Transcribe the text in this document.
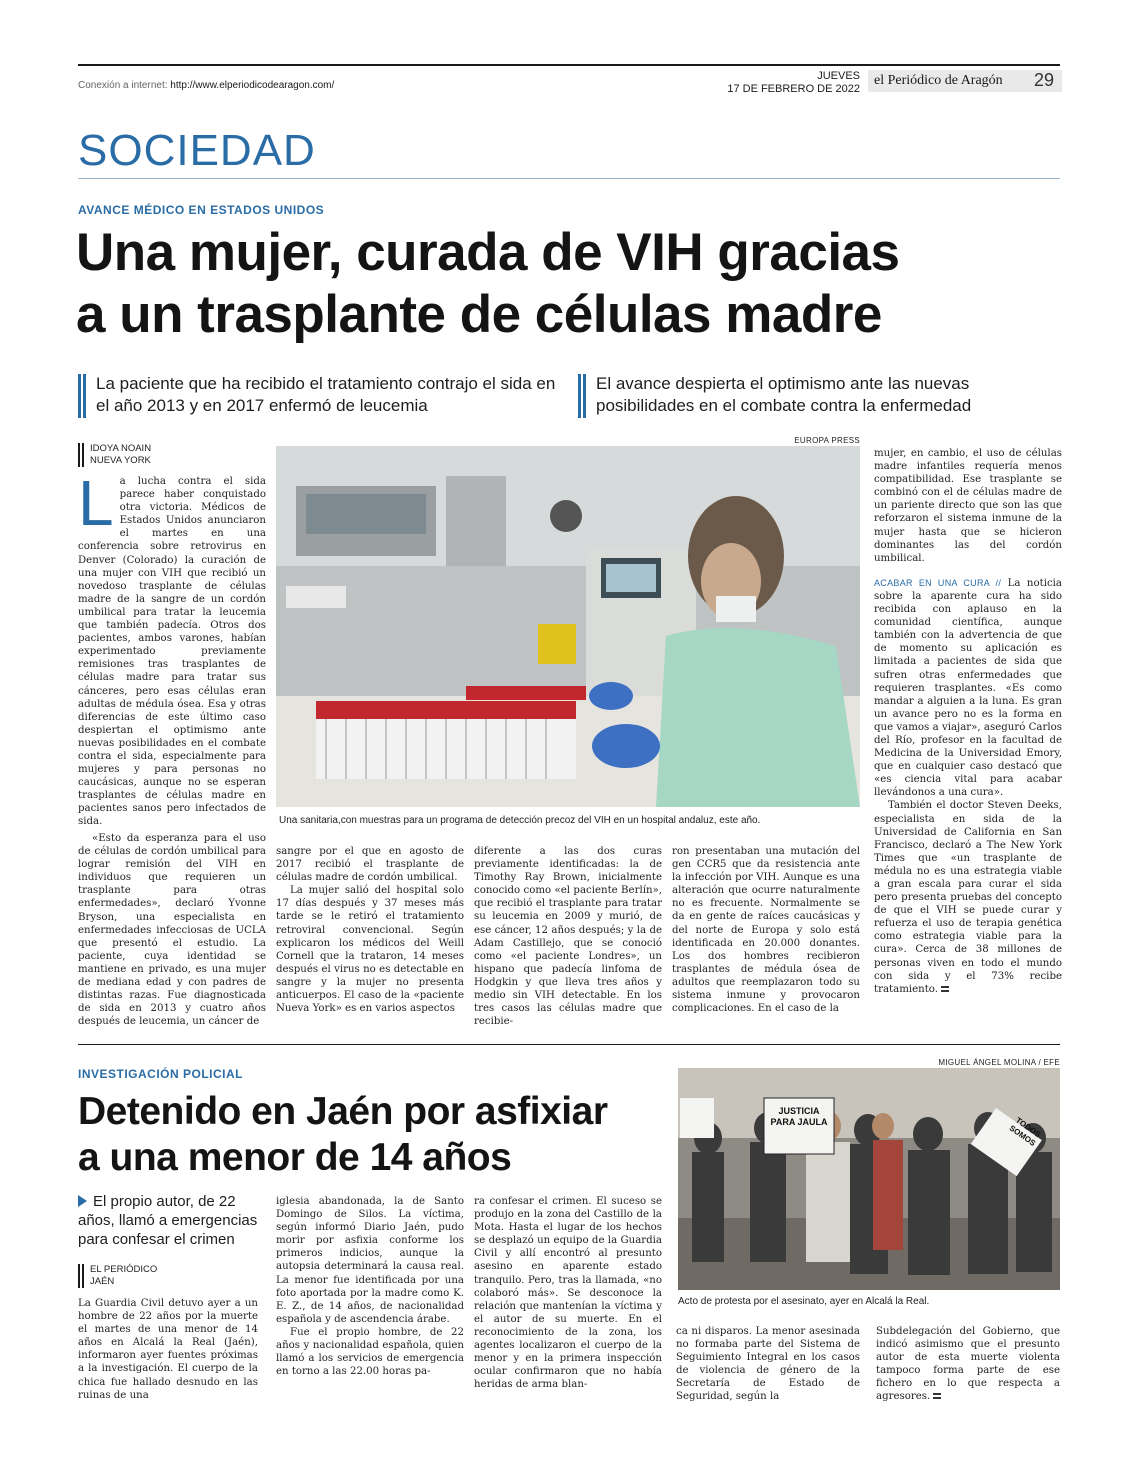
Conexión a internet: http://www.elperiodicodearagon.com/
JUEVES
17 DE FEBRERO DE 2022
el Periódico de Aragón 29
SOCIEDAD
AVANCE MÉDICO EN ESTADOS UNIDOS
Una mujer, curada de VIH gracias
a un trasplante de células madre
La paciente que ha recibido el tratamiento contrajo el sida en el año 2013 y en 2017 enfermó de leucemia
El avance despierta el optimismo ante las nuevas posibilidades en el combate contra la enfermedad
IDOYA NOAIN
NUEVA YORK
L a lucha contra el sida parece haber conquistado otra victoria. Médicos de Estados Unidos anunciaron el martes en una conferencia sobre retrovirus en Denver (Colorado) la curación de una mujer con VIH que recibió un novedoso trasplante de células madre de la sangre de un cordón umbilical para tratar la leucemia que también padecía. Otros dos pacientes, ambos varones, habían experimentado previamente remisiones tras trasplantes de células madre para tratar sus cánceres, pero esas células eran adultas de médula ósea. Esa y otras diferencias de este último caso despiertan el optimismo ante nuevas posibilidades en el combate contra el sida, especialmente para mujeres y para personas no caucásicas, aunque no se esperan trasplantes de células madre en pacientes sanos pero infectados de sida.

«Esto da esperanza para el uso de células de cordón umbilical para lograr remisión del VIH en individuos que requieren un trasplante para otras enfermedades», declaró Yvonne Bryson, una especialista en enfermedades infecciosas de UCLA que presentó el estudio. La paciente, cuya identidad se mantiene en privado, es una mujer de mediana edad y con padres de distintas razas. Fue diagnosticada de sida en 2013 y cuatro años después de leucemia, un cáncer de

EUROPA PRESS
Una sanitaria,con muestras para un programa de detección precoz del VIH en un hospital andaluz, este año.

sangre por el que en agosto de 2017 recibió el trasplante de células madre de cordón umbilical.

La mujer salió del hospital solo 17 días después y 37 meses más tarde se le retiró el tratamiento retroviral convencional. Según explicaron los médicos del Weill Cornell que la trataron, 14 meses después el virus no es detectable en sangre y la mujer no presenta anticuerpos. El caso de la «paciente Nueva York» es en varios aspectos

diferente a las dos curas previamente identificadas: la de Timothy Ray Brown, inicialmente conocido como «el paciente Berlín», que recibió el trasplante para tratar su leucemia en 2009 y murió, de ese cáncer, 12 años después; y la de Adam Castillejo, que se conoció como «el paciente Londres», un hispano que padecía linfoma de Hodgkin y que lleva tres años y medio sin VIH detectable. En los tres casos las células madre que recibie-

ron presentaban una mutación del gen CCR5 que da resistencia ante la infección por VIH. Aunque es una alteración que ocurre naturalmente no es frecuente. Normalmente se da en gente de raíces caucásicas y del norte de Europa y solo está identificada en 20.000 donantes. Los dos hombres recibieron trasplantes de médula ósea de adultos que reemplazaron todo su sistema inmune y provocaron complicaciones. En el caso de la

mujer, en cambio, el uso de células madre infantiles requería menos compatibilidad. Ese trasplante se combinó con el de células madre de un pariente directo que son las que reforzaron el sistema inmune de la mujer hasta que se hicieron dominantes las del cordón umbilical.

ACABAR EN UNA CURA // La noticia sobre la aparente cura ha sido recibida con aplauso en la comunidad científica, aunque también con la advertencia de que de momento su aplicación es limitada a pacientes de sida que sufren otras enfermedades que requieren trasplantes. «Es como mandar a alguien a la luna. Es gran un avance pero no es la forma en que vamos a viajar», aseguró Carlos del Río, profesor en la facultad de Medicina de la Universidad Emory, que en cualquier caso destacó que «es ciencia vital para acabar llevándonos a una cura».

También el doctor Steven Deeks, especialista en sida de la Universidad de California en San Francisco, declaró a The New York Times que «un trasplante de médula no es una estrategia viable a gran escala para curar el sida pero presenta pruebas del concepto de que el VIH se puede curar y refuerza el uso de terapia genética como estrategia viable para la cura». Cerca de 38 millones de personas viven en todo el mundo con sida y el 73% recibe tratamiento.

INVESTIGACIÓN POLICIAL
Detenido en Jaén por asfixiar
a una menor de 14 años
El propio autor, de 22 años, llamó a emergencias para confesar el crimen
EL PERIÓDICO
JAÉN

La Guardia Civil detuvo ayer a un hombre de 22 años por la muerte el martes de una menor de 14 años en Alcalá la Real (Jaén), informaron ayer fuentes próximas a la investigación. El cuerpo de la chica fue hallado desnudo en las ruinas de una

iglesia abandonada, la de Santo Domingo de Silos. La víctima, según informó Diario Jaén, pudo morir por asfixia conforme los primeros indicios, aunque la autopsia determinará la causa real. La menor fue identificada por una foto aportada por la madre como K. E. Z., de 14 años, de nacionalidad española y de ascendencia árabe.

Fue el propio hombre, de 22 años y nacionalidad española, quien llamó a los servicios de emergencia en torno a las 22.00 horas pa-

ra confesar el crimen. El suceso se produjo en la zona del Castillo de la Mota. Hasta el lugar de los hechos se desplazó un equipo de la Guardia Civil y allí encontró al presunto asesino en aparente estado tranquilo. Pero, tras la llamada, «no colaboró más». Se desconoce la relación que mantenían la víctima y el autor de su muerte. En el reconocimiento de la zona, los agentes localizaron el cuerpo de la menor y en la primera inspección ocular confirmaron que no había heridas de arma blan-

ca ni disparos. La menor asesinada no formaba parte del Sistema de Seguimiento Integral en los casos de violencia de género de la Secretaría de Estado de Seguridad, según la

Subdelegación del Gobierno, que indicó asimismo que el presunto autor de esta muerte violenta tampoco forma parte de ese fichero en lo que respecta a agresores.

MIGUEL ÁNGEL MOLINA / EFE
JUSTICIA PARA JAULA	TODOS SOMOS
Acto de protesta por el asesinato, ayer en Alcalá la Real.
